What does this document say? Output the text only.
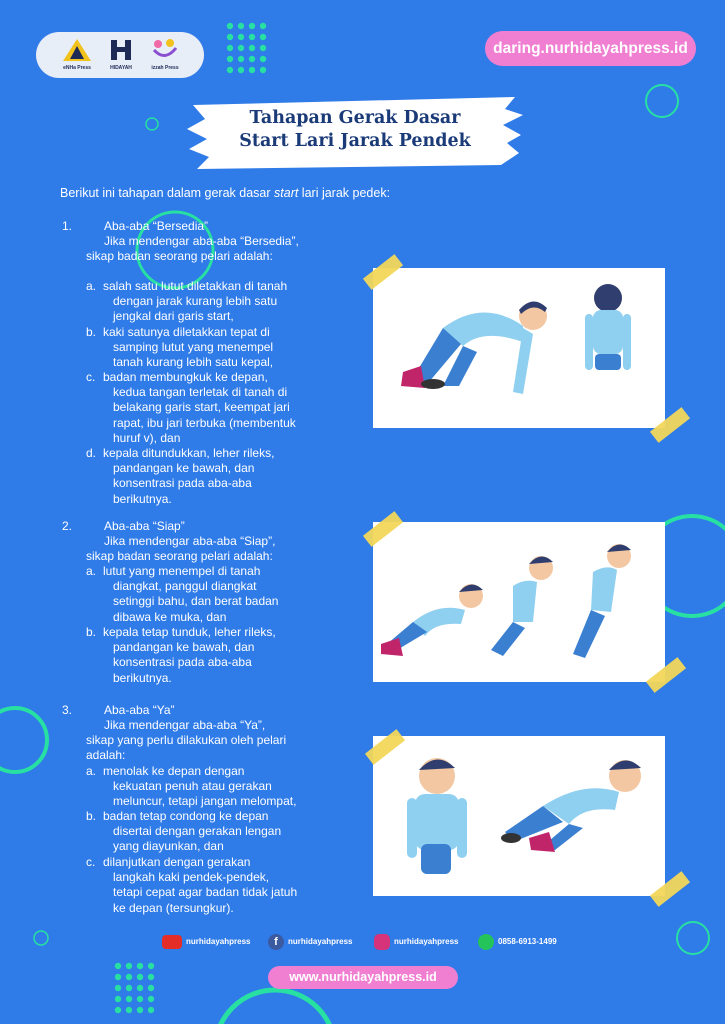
eNHa Press	HIDAYAH	izzah Press
daring.nurhidayahpress.id
Tahapan Gerak Dasar
Start Lari Jarak Pendek
Berikut ini tahapan dalam gerak dasar start lari jarak pedek:
1.	Aba-aba “Bersedia”
Jika mendengar aba-aba “Bersedia”,
sikap badan seorang pelari adalah:
a. salah satu lutut diletakkan di tanah
dengan jarak kurang lebih satu
jengkal dari garis start,
b. kaki satunya diletakkan tepat di
samping lutut yang menempel
tanah kurang lebih satu kepal,
c. badan membungkuk ke depan,
kedua tangan terletak di tanah di
belakang garis start, keempat jari
rapat, ibu jari terbuka (membentuk
huruf v), dan
d. kepala ditundukkan, leher rileks,
pandangan ke bawah, dan
konsentrasi pada aba-aba
berikutnya.
2.	Aba-aba “Siap”
Jika mendengar aba-aba “Siap”,
sikap badan seorang pelari adalah:
a. lutut yang menempel di tanah
diangkat, panggul diangkat
setinggi bahu, dan berat badan
dibawa ke muka, dan
b. kepala tetap tunduk, leher rileks,
pandangan ke bawah, dan
konsentrasi pada aba-aba
berikutnya.
3.	Aba-aba “Ya”
Jika mendengar aba-aba “Ya”,
sikap yang perlu dilakukan oleh pelari
adalah:
a. menolak ke depan dengan
kekuatan penuh atau gerakan
meluncur, tetapi jangan melompat,
b. badan tetap condong ke depan
disertai dengan gerakan lengan
yang diayunkan, dan
c. dilanjutkan dengan gerakan
langkah kaki pendek-pendek,
tetapi cepat agar badan tidak jatuh
ke depan (tersungkur).
nurhidayahpress	f	nurhidayahpress	nurhidayahpress	0858-6913-1499
www.nurhidayahpress.id
